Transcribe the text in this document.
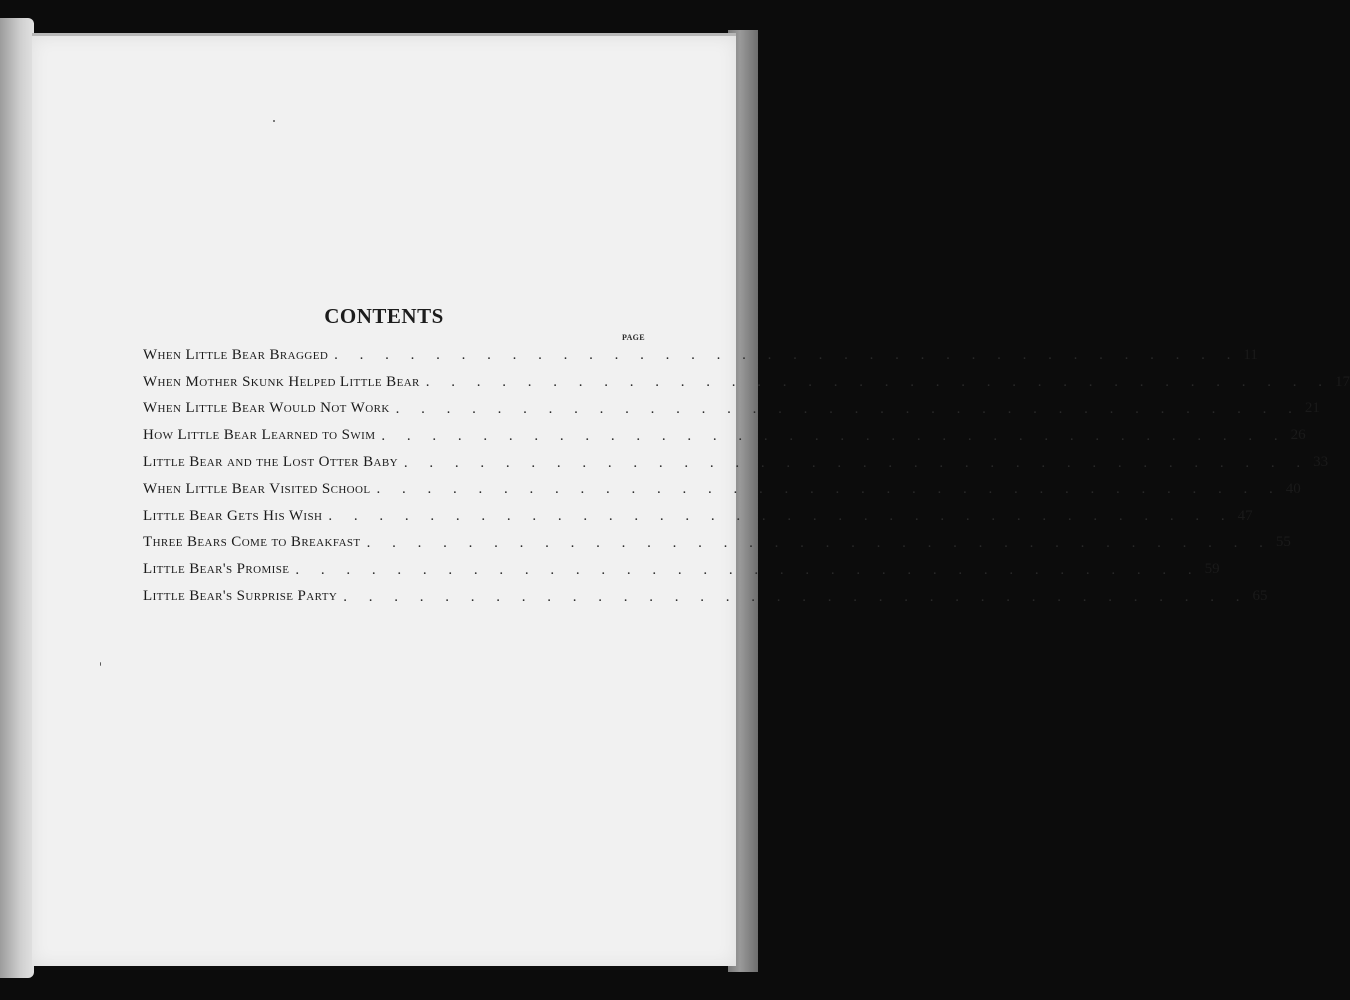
CONTENTS
PAGE
When Little Bear Bragged . . . . . . . . . . . . . . . . . . . . . . . . . . . . . . . . . . . . 11
When Mother Skunk Helped Little Bear . . . . . . . . . . . . . . . . . . . . . . . . . . . . . . . . . . . . 17
When Little Bear Would Not Work . . . . . . . . . . . . . . . . . . . . . . . . . . . . . . . . . . . . 21
How Little Bear Learned to Swim . . . . . . . . . . . . . . . . . . . . . . . . . . . . . . . . . . . . 26
Little Bear and the Lost Otter Baby . . . . . . . . . . . . . . . . . . . . . . . . . . . . . . . . . . . . 33
When Little Bear Visited School . . . . . . . . . . . . . . . . . . . . . . . . . . . . . . . . . . . . 40
Little Bear Gets His Wish . . . . . . . . . . . . . . . . . . . . . . . . . . . . . . . . . . . . 47
Three Bears Come to Breakfast . . . . . . . . . . . . . . . . . . . . . . . . . . . . . . . . . . . . 55
Little Bear's Promise . . . . . . . . . . . . . . . . . . . . . . . . . . . . . . . . . . . . 59
Little Bear's Surprise Party . . . . . . . . . . . . . . . . . . . . . . . . . . . . . . . . . . . . 65
